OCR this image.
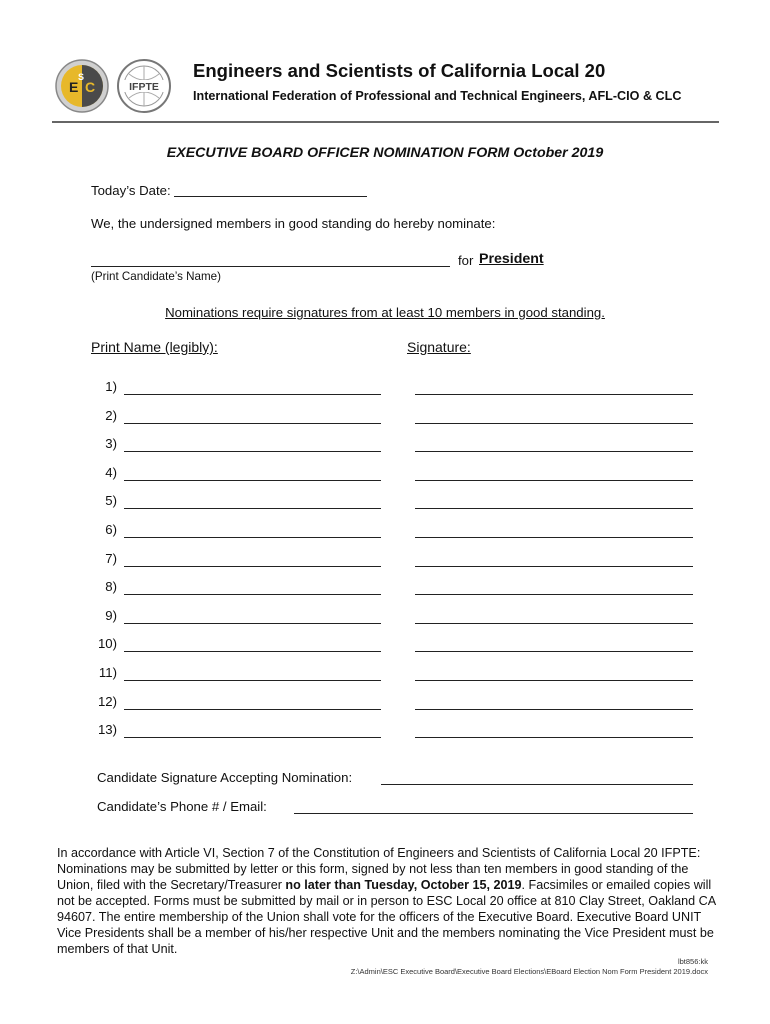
E C
S
IFPTE
Engineers and Scientists of California Local 20
International Federation of Professional and Technical Engineers, AFL-CIO & CLC
EXECUTIVE BOARD OFFICER NOMINATION FORM October 2019
Today’s Date:
We, the undersigned members in good standing do hereby nominate:
for President
(Print Candidate’s Name)
Nominations require signatures from at least 10 members in good standing.
Print Name (legibly):	Signature:
1)
2)
3)
4)
5)
6)
7)
8)
9)
10)
11)
12)
13)
Candidate Signature Accepting Nomination:
Candidate’s Phone # / Email:
In accordance with Article VI, Section 7 of the Constitution of Engineers and Scientists of California Local 20 IFPTE: Nominations may be submitted by letter or this form, signed by not less than ten members in good standing of the Union, filed with the Secretary/Treasurer no later than Tuesday, October 15, 2019. Facsimiles or emailed copies will not be accepted. Forms must be submitted by mail or in person to ESC Local 20 office at 810 Clay Street, Oakland CA 94607. The entire membership of the Union shall vote for the officers of the Executive Board. Executive Board UNIT Vice Presidents shall be a member of his/her respective Unit and the members nominating the Vice President must be members of that Unit.
lbt856:kk
Z:\Admin\ESC Executive Board\Executive Board Elections\EBoard Election Nom Form President 2019.docx
